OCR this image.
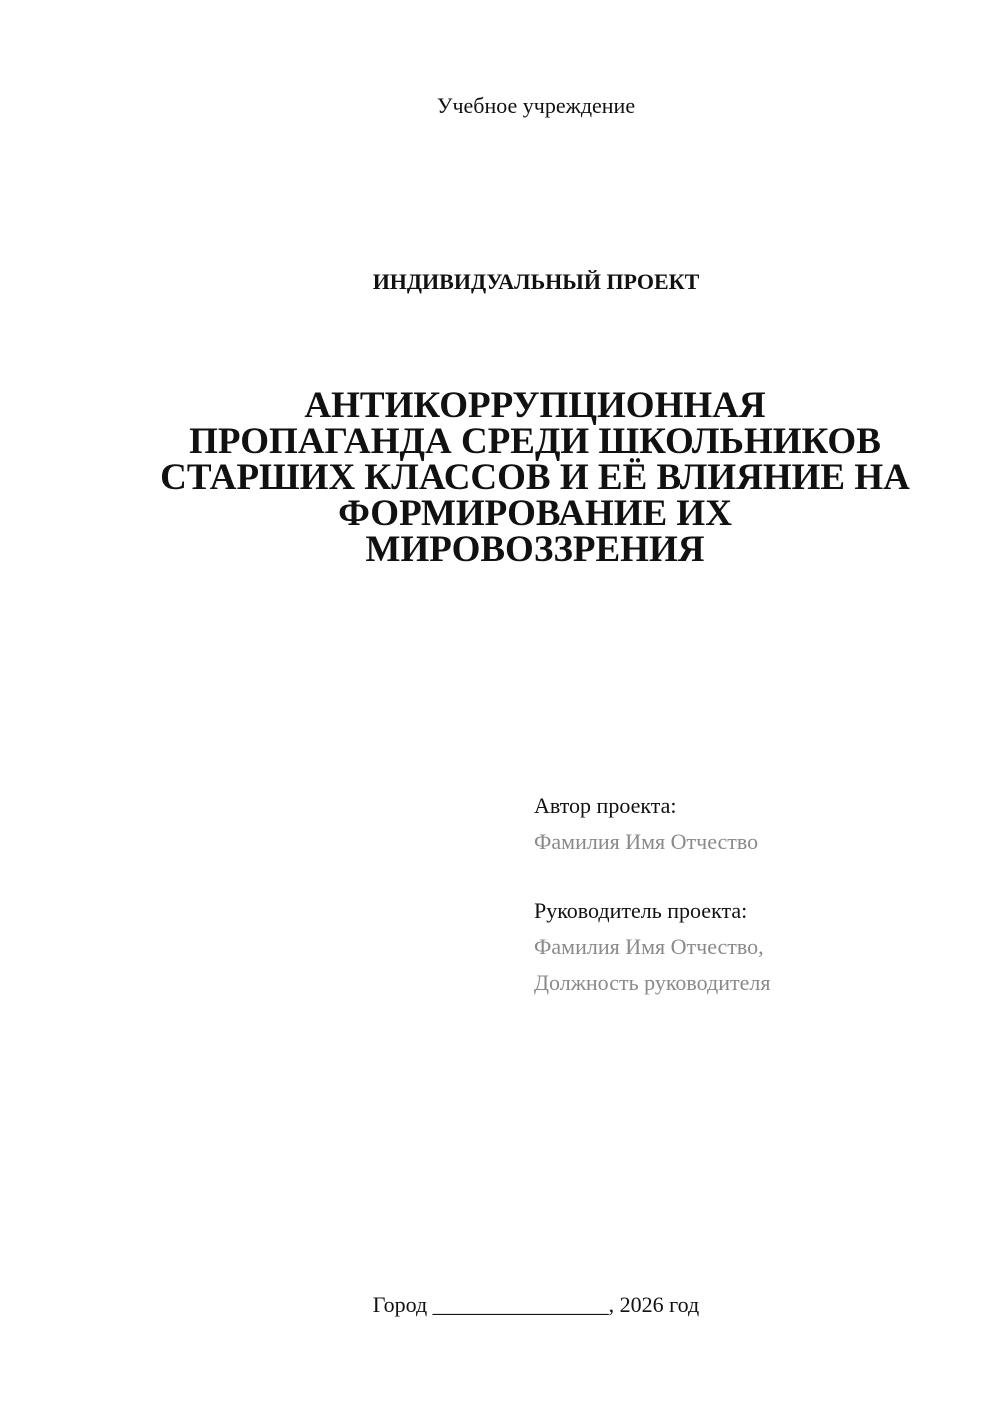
Учебное учреждение
ИНДИВИДУАЛЬНЫЙ ПРОЕКТ
АНТИКОРРУПЦИОННАЯ
ПРОПАГАНДА СРЕДИ ШКОЛЬНИКОВ
СТАРШИХ КЛАССОВ И ЕЁ ВЛИЯНИЕ НА
ФОРМИРОВАНИЕ ИХ
МИРОВОЗЗРЕНИЯ
Автор проекта:
Фамилия Имя Отчество
Руководитель проекта:
Фамилия Имя Отчество,
Должность руководителя
Город ________________, 2026 год
